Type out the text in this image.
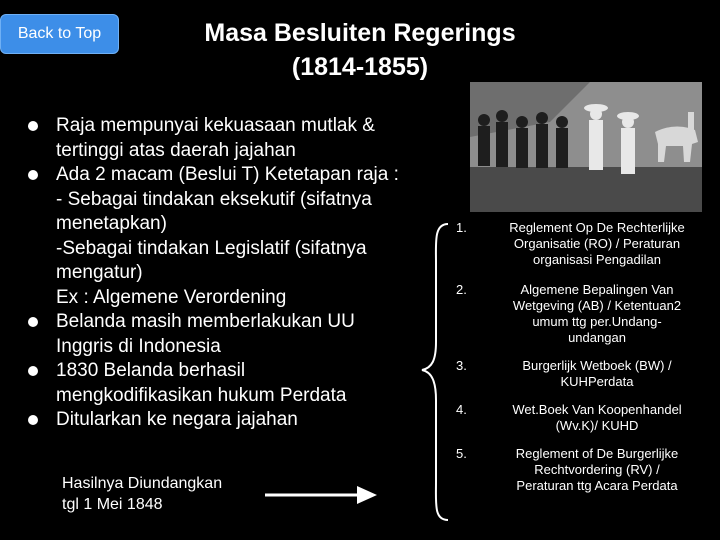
Back to Top	Masa Besluiten Regerings
(1814-1855)
Raja mempunyai kekuasaan mutlak &
tertinggi atas daerah jajahan
Ada 2 macam (Beslui T) Ketetapan raja :
- Sebagai tindakan eksekutif (sifatnya
menetapkan)
-Sebagai tindakan Legislatif (sifatnya
mengatur)
Ex : Algemene Verordening
Belanda masih memberlakukan UU
Inggris di Indonesia
1830 Belanda berhasil
mengkodifikasikan hukum Perdata
Ditularkan ke negara jajahan
1.	Reglement Op De Rechterlijke
Organisatie (RO) / Peraturan
organisasi Pengadilan
2.	Algemene Bepalingen Van
Wetgeving (AB) / Ketentuan2
umum ttg per.Undang-
undangan
3.	Burgerlijk Wetboek (BW) /
KUHPerdata
4.	Wet.Boek Van Koopenhandel
(Wv.K)/ KUHD
5.	Reglement of De Burgerlijke
Rechtvordering (RV) /
Peraturan ttg Acara Perdata
Hasilnya Diundangkan
tgl 1 Mei 1848
